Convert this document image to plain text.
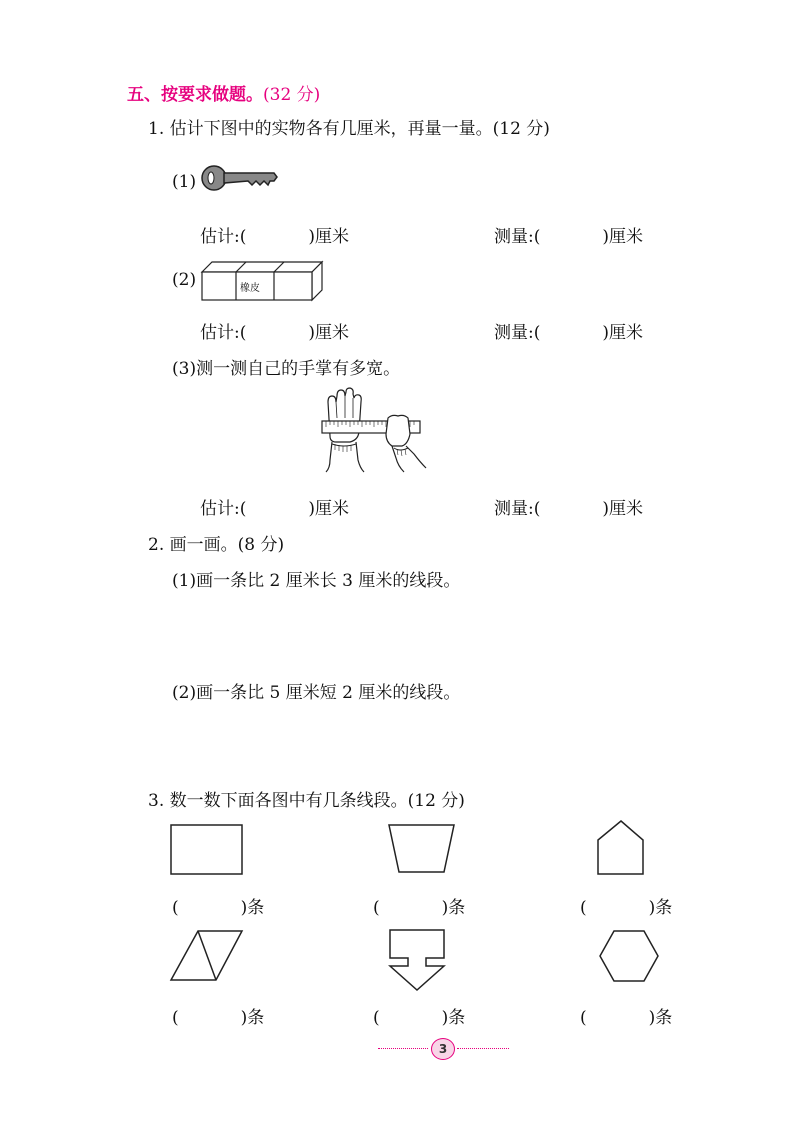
五、按要求做题。(32 分)
1. 估计下图中的实物各有几厘米，再量一量。(12 分)
(1)
估计:(	)厘米	测量:(	)厘米
(2)	橡皮
估计:(	)厘米	测量:(	)厘米
(3)测一测自己的手掌有多宽。
估计:(	)厘米	测量:(	)厘米
2. 画一画。(8 分)
(1)画一条比 2 厘米长 3 厘米的线段。
(2)画一条比 5 厘米短 2 厘米的线段。
3. 数一数下面各图中有几条线段。(12 分)
(	)条	(	)条	(	)条
(	)条	(	)条	(	)条
3
